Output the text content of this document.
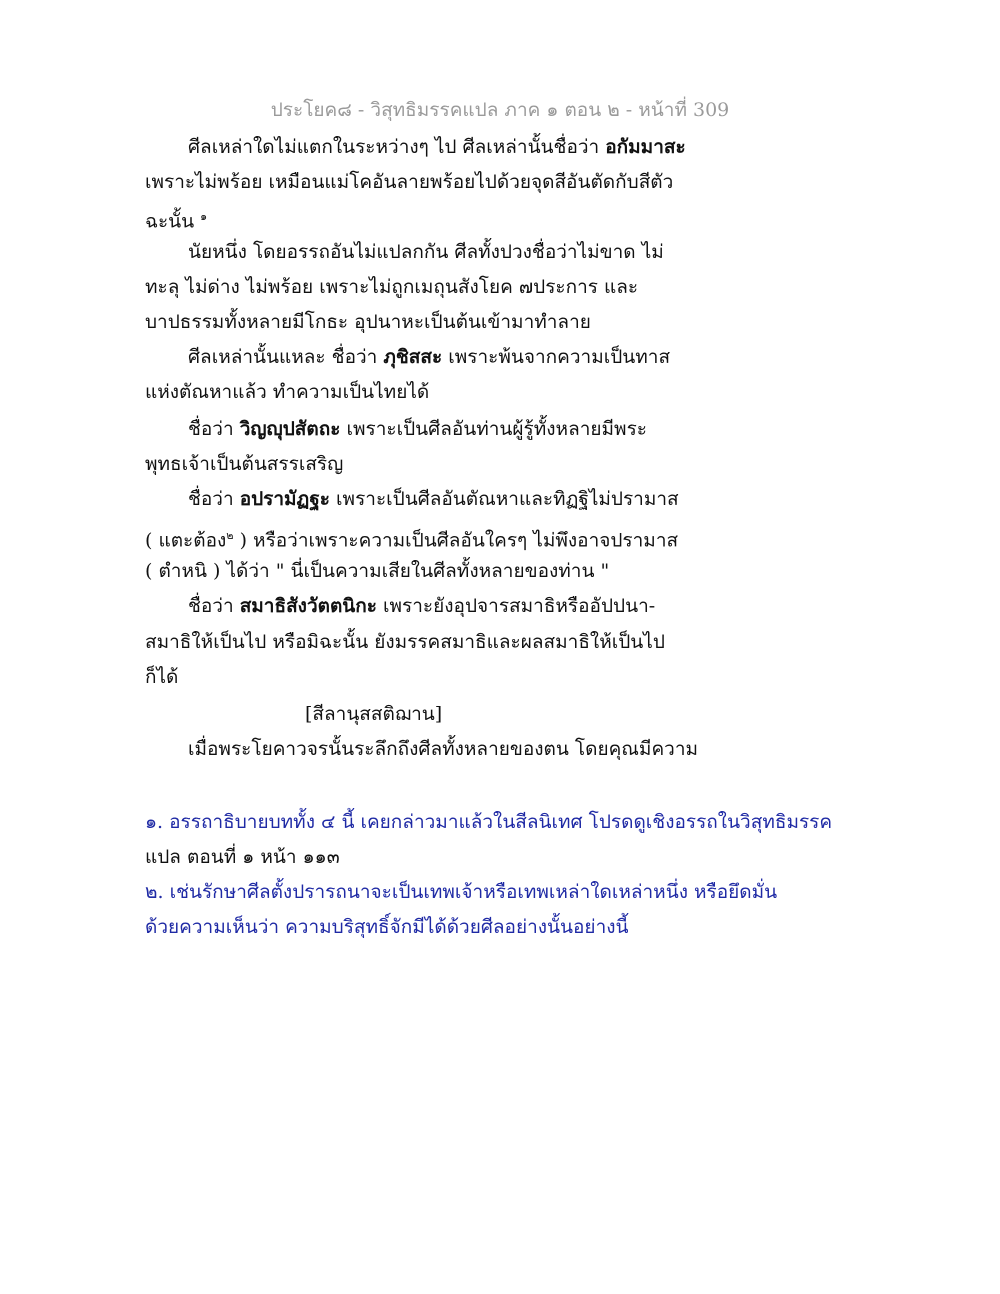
ประโยค๘ - วิสุทธิมรรคแปล ภาค ๑ ตอน ๒ - หน้าที่ 309
ศีลเหล่าใดไม่แตกในระหว่างๆ ไป ศีลเหล่านั้นชื่อว่า อกัมมาสะ
เพราะไม่พร้อย เหมือนแม่โคอันลายพร้อยไปด้วยจุดสีอันตัดกับสีตัว
ฉะนั้น $^๑$
นัยหนึ่ง โดยอรรถอันไม่แปลกกัน ศีลทั้งปวงชื่อว่าไม่ขาด ไม่
ทะลุ ไม่ด่าง ไม่พร้อย เพราะไม่ถูกเมถุนสังโยค ๗ประการ และ
บาปธรรมทั้งหลายมีโกธะ อุปนาหะเป็นต้นเข้ามาทำลาย
ศีลเหล่านั้นแหละ ชื่อว่า ภุชิสสะ เพราะพ้นจากความเป็นทาส
แห่งตัณหาแล้ว ทำความเป็นไทยได้
ชื่อว่า วิญญุปสัตถะ เพราะเป็นศีลอันท่านผู้รู้ทั้งหลายมีพระ
พุทธเจ้าเป็นต้นสรรเสริญ
ชื่อว่า อปรามัฏฐะ เพราะเป็นศีลอันตัณหาและทิฏฐิไม่ปรามาส
( แตะต้อง$^๒$ ) หรือว่าเพราะความเป็นศีลอันใครๆ ไม่พึงอาจปรามาส
( ตำหนิ ) ได้ว่า " นี่เป็นความเสียในศีลทั้งหลายของท่าน "
ชื่อว่า สมาธิสังวัตตนิกะ เพราะยังอุปจารสมาธิหรืออัปปนา-
สมาธิให้เป็นไป หรือมิฉะนั้น ยังมรรคสมาธิและผลสมาธิให้เป็นไป
ก็ได้
[สีลานุสสติฌาน]
เมื่อพระโยคาวจรนั้นระลึกถึงศีลทั้งหลายของตน โดยคุณมีความ
๑. อรรถาธิบายบททั้ง ๔ นี้ เคยกล่าวมาแล้วในสีลนิเทศ โปรดดูเชิงอรรถในวิสุทธิมรรค
แปล ตอนที่ ๑ หน้า ๑๑๓
๒. เช่นรักษาศีลตั้งปรารถนาจะเป็นเทพเจ้าหรือเทพเหล่าใดเหล่าหนึ่ง หรือยึดมั่น
ด้วยความเห็นว่า ความบริสุทธิ์จักมีได้ด้วยศีลอย่างนั้นอย่างนี้
